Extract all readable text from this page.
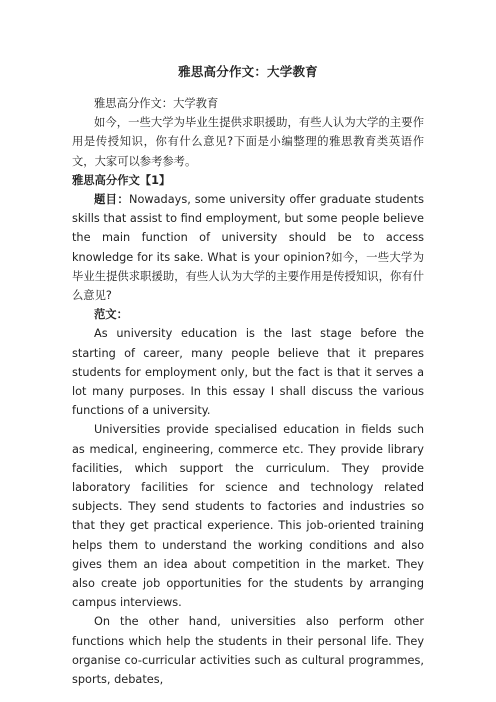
雅思高分作文：大学教育

雅思高分作文：大学教育

如今，一些大学为毕业生提供求职援助，有些人认为大学的主要作用是传授知识，你有什么意见?下面是小编整理的雅思教育类英语作文，大家可以参考参考。

雅思高分作文【1】

题目：Nowadays, some university offer graduate students skills that assist to find employment, but some people believe the main function of university should be to access knowledge for its sake. What is your opinion?如今，一些大学为毕业生提供求职援助，有些人认为大学的主要作用是传授知识，你有什么意见?

范文：

As university education is the last stage before the starting of career, many people believe that it prepares students for employment only, but the fact is that it serves a lot many purposes. In this essay I shall discuss the various functions of a university.

Universities provide specialised education in fields such as medical, engineering, commerce etc. They provide library facilities, which support the curriculum. They provide laboratory facilities for science and technology related subjects. They send students to factories and industries so that they get practical experience. This job-oriented training helps them to understand the working conditions and also gives them an idea about competition in the market. They also create job opportunities for the students by arranging campus interviews.

On the other hand, universities also perform other functions which help the students in their personal life. They organise co-curricular activities such as cultural programmes, sports, debates,
